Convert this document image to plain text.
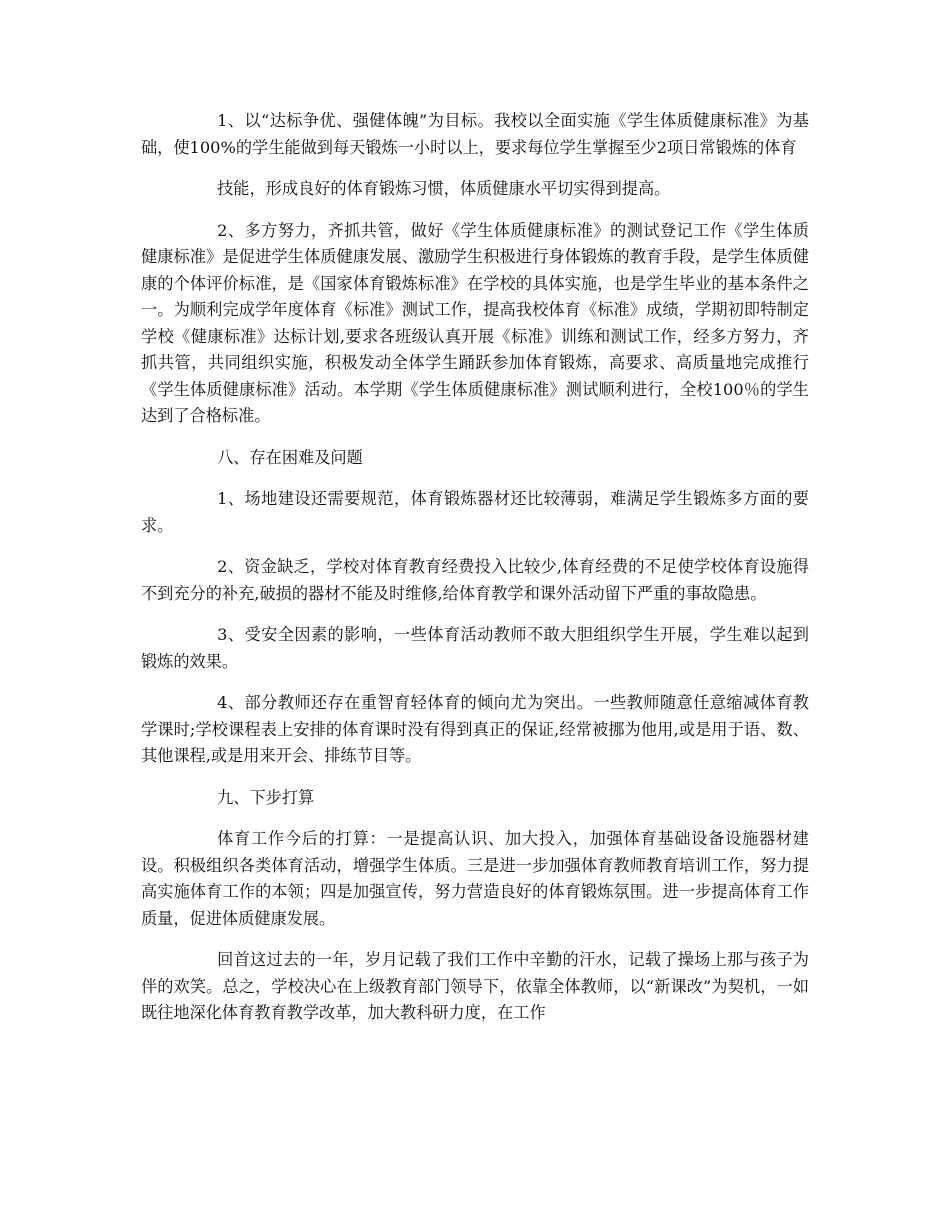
1、以“达标争优、强健体魄”为目标。我校以全面实施《学生体质健康标准》为基础，使100%的学生能做到每天锻炼一小时以上，要求每位学生掌握至少2项日常锻炼的体育

技能，形成良好的体育锻炼习惯，体质健康水平切实得到提高。

2、多方努力，齐抓共管，做好《学生体质健康标准》的测试登记工作《学生体质健康标准》是促进学生体质健康发展、激励学生积极进行身体锻炼的教育手段，是学生体质健康的个体评价标准，是《国家体育锻炼标准》在学校的具体实施，也是学生毕业的基本条件之一。为顺利完成学年度体育《标准》测试工作，提高我校体育《标准》成绩，学期初即特制定学校《健康标准》达标计划,要求各班级认真开展《标准》训练和测试工作，经多方努力，齐抓共管，共同组织实施，积极发动全体学生踊跃参加体育锻炼，高要求、高质量地完成推行《学生体质健康标准》活动。本学期《学生体质健康标准》测试顺利进行，全校100％的学生达到了合格标准。

八、存在困难及问题

1、场地建设还需要规范，体育锻炼器材还比较薄弱，难满足学生锻炼多方面的要求。

2、资金缺乏，学校对体育教育经费投入比较少,体育经费的不足使学校体育设施得不到充分的补充,破损的器材不能及时维修,给体育教学和课外活动留下严重的事故隐患。

3、受安全因素的影响，一些体育活动教师不敢大胆组织学生开展，学生难以起到锻炼的效果。

4、部分教师还存在重智育轻体育的倾向尤为突出。一些教师随意任意缩减体育教学课时;学校课程表上安排的体育课时没有得到真正的保证,经常被挪为他用,或是用于语、数、其他课程,或是用来开会、排练节目等。

九、下步打算

体育工作今后的打算：一是提高认识、加大投入，加强体育基础设备设施器材建设。积极组织各类体育活动，增强学生体质。三是进一步加强体育教师教育培训工作，努力提高实施体育工作的本领；四是加强宣传，努力营造良好的体育锻炼氛围。进一步提高体育工作质量，促进体质健康发展。

回首这过去的一年，岁月记载了我们工作中辛勤的汗水，记载了操场上那与孩子为伴的欢笑。总之，学校决心在上级教育部门领导下，依靠全体教师，以“新课改”为契机，一如既往地深化体育教育教学改革，加大教科研力度，在工作
